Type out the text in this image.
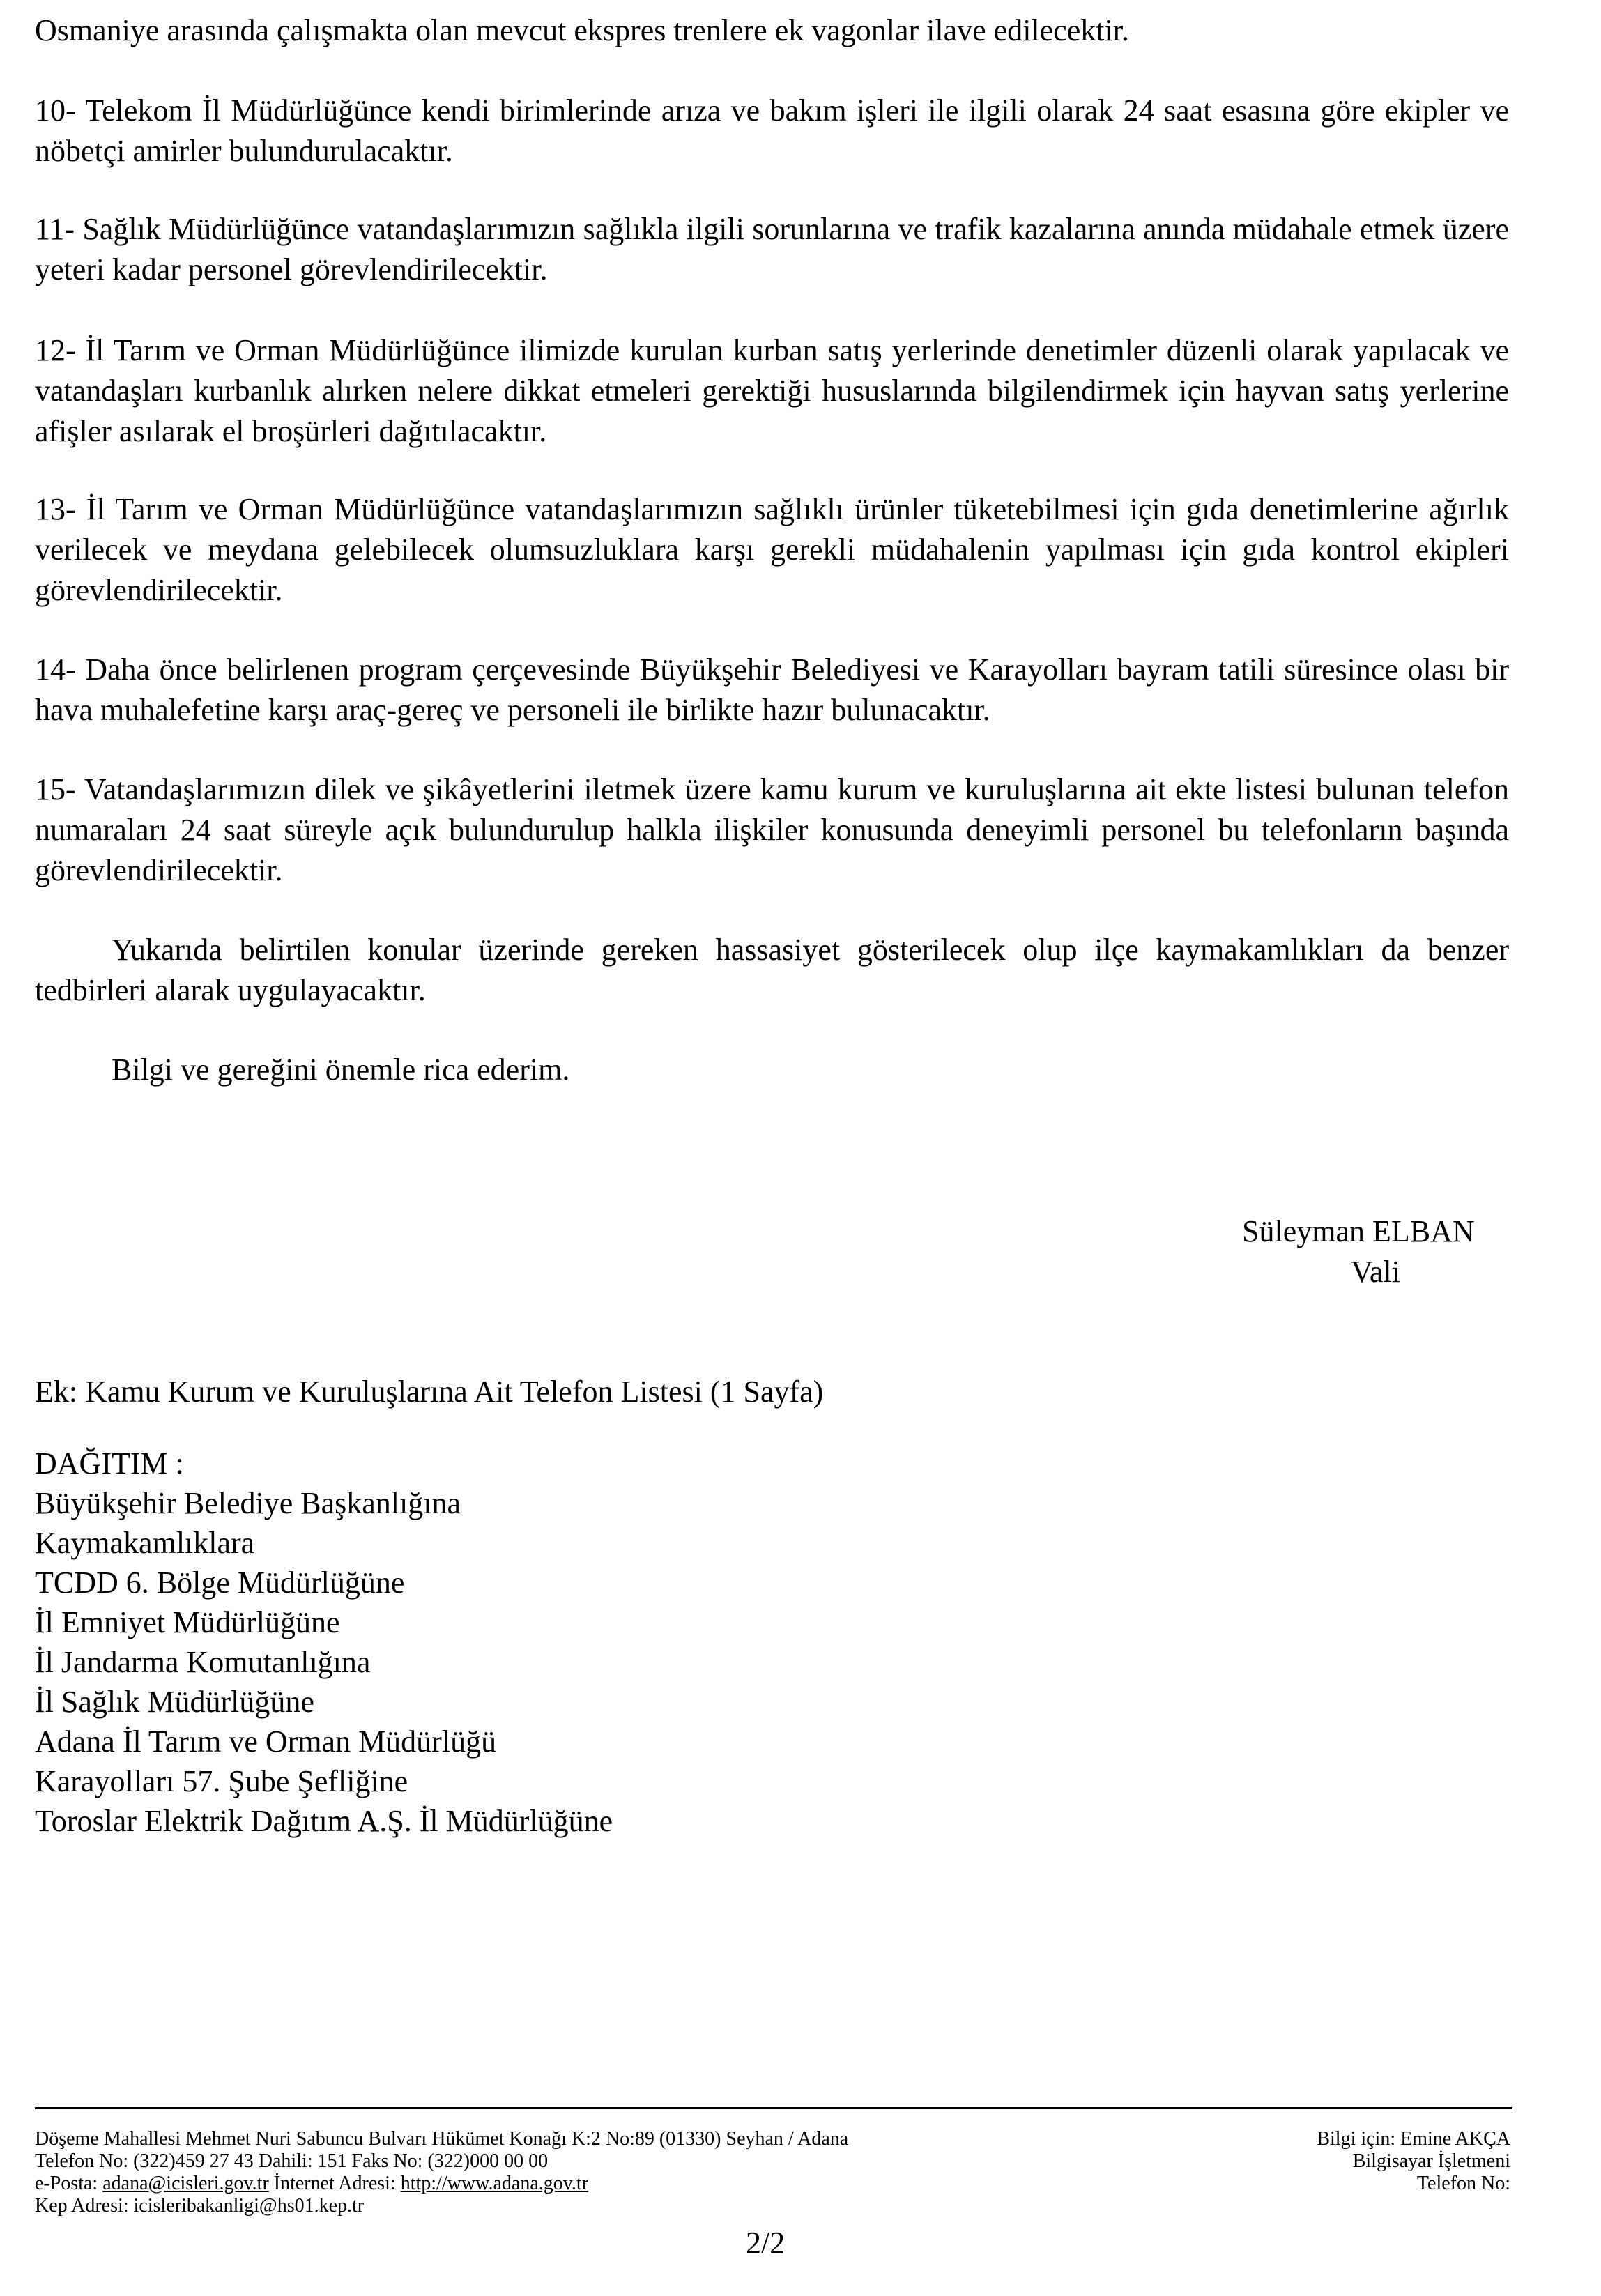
Osmaniye arasında çalışmakta olan mevcut ekspres trenlere ek vagonlar ilave edilecektir.

10- Telekom İl Müdürlüğünce kendi birimlerinde arıza ve bakım işleri ile ilgili olarak 24 saat esasına göre ekipler ve nöbetçi amirler bulundurulacaktır.

11- Sağlık Müdürlüğünce vatandaşlarımızın sağlıkla ilgili sorunlarına ve trafik kazalarına anında müdahale etmek üzere yeteri kadar personel görevlendirilecektir.

12- İl Tarım ve Orman Müdürlüğünce ilimizde kurulan kurban satış yerlerinde denetimler düzenli olarak yapılacak ve vatandaşları kurbanlık alırken nelere dikkat etmeleri gerektiği hususlarında bilgilendirmek için hayvan satış yerlerine afişler asılarak el broşürleri dağıtılacaktır.

13- İl Tarım ve Orman Müdürlüğünce vatandaşlarımızın sağlıklı ürünler tüketebilmesi için gıda denetimlerine ağırlık verilecek ve meydana gelebilecek olumsuzluklara karşı gerekli müdahalenin yapılması için gıda kontrol ekipleri görevlendirilecektir.

14- Daha önce belirlenen program çerçevesinde Büyükşehir Belediyesi ve Karayolları bayram tatili süresince olası bir hava muhalefetine karşı araç-gereç ve personeli ile birlikte hazır bulunacaktır.

15- Vatandaşlarımızın dilek ve şikâyetlerini iletmek üzere kamu kurum ve kuruluşlarına ait ekte listesi bulunan telefon numaraları 24 saat süreyle açık bulundurulup halkla ilişkiler konusunda deneyimli personel bu telefonların başında görevlendirilecektir.

Yukarıda belirtilen konular üzerinde gereken hassasiyet gösterilecek olup ilçe kaymakamlıkları da benzer tedbirleri alarak uygulayacaktır.

Bilgi ve gereğini önemle rica ederim.

Süleyman ELBAN
Vali

Ek: Kamu Kurum ve Kuruluşlarına Ait Telefon Listesi (1 Sayfa)

DAĞITIM :
Büyükşehir Belediye Başkanlığına
Kaymakamlıklara
TCDD 6. Bölge Müdürlüğüne
İl Emniyet Müdürlüğüne
İl Jandarma Komutanlığına
İl Sağlık Müdürlüğüne
Adana İl Tarım ve Orman Müdürlüğü
Karayolları 57. Şube Şefliğine
Toroslar Elektrik Dağıtım A.Ş. İl Müdürlüğüne
Döşeme Mahallesi Mehmet Nuri Sabuncu Bulvarı Hükümet Konağı K:2 No:89 (01330) Seyhan / Adana
Telefon No: (322)459 27 43 Dahili: 151 Faks No: (322)000 00 00
e-Posta: adana@icisleri.gov.tr İnternet Adresi: http://www.adana.gov.tr
Kep Adresi: icisleribakanligi@hs01.kep.tr
Bilgi için: Emine AKÇA
Bilgisayar İşletmeni
Telefon No:
2/2
